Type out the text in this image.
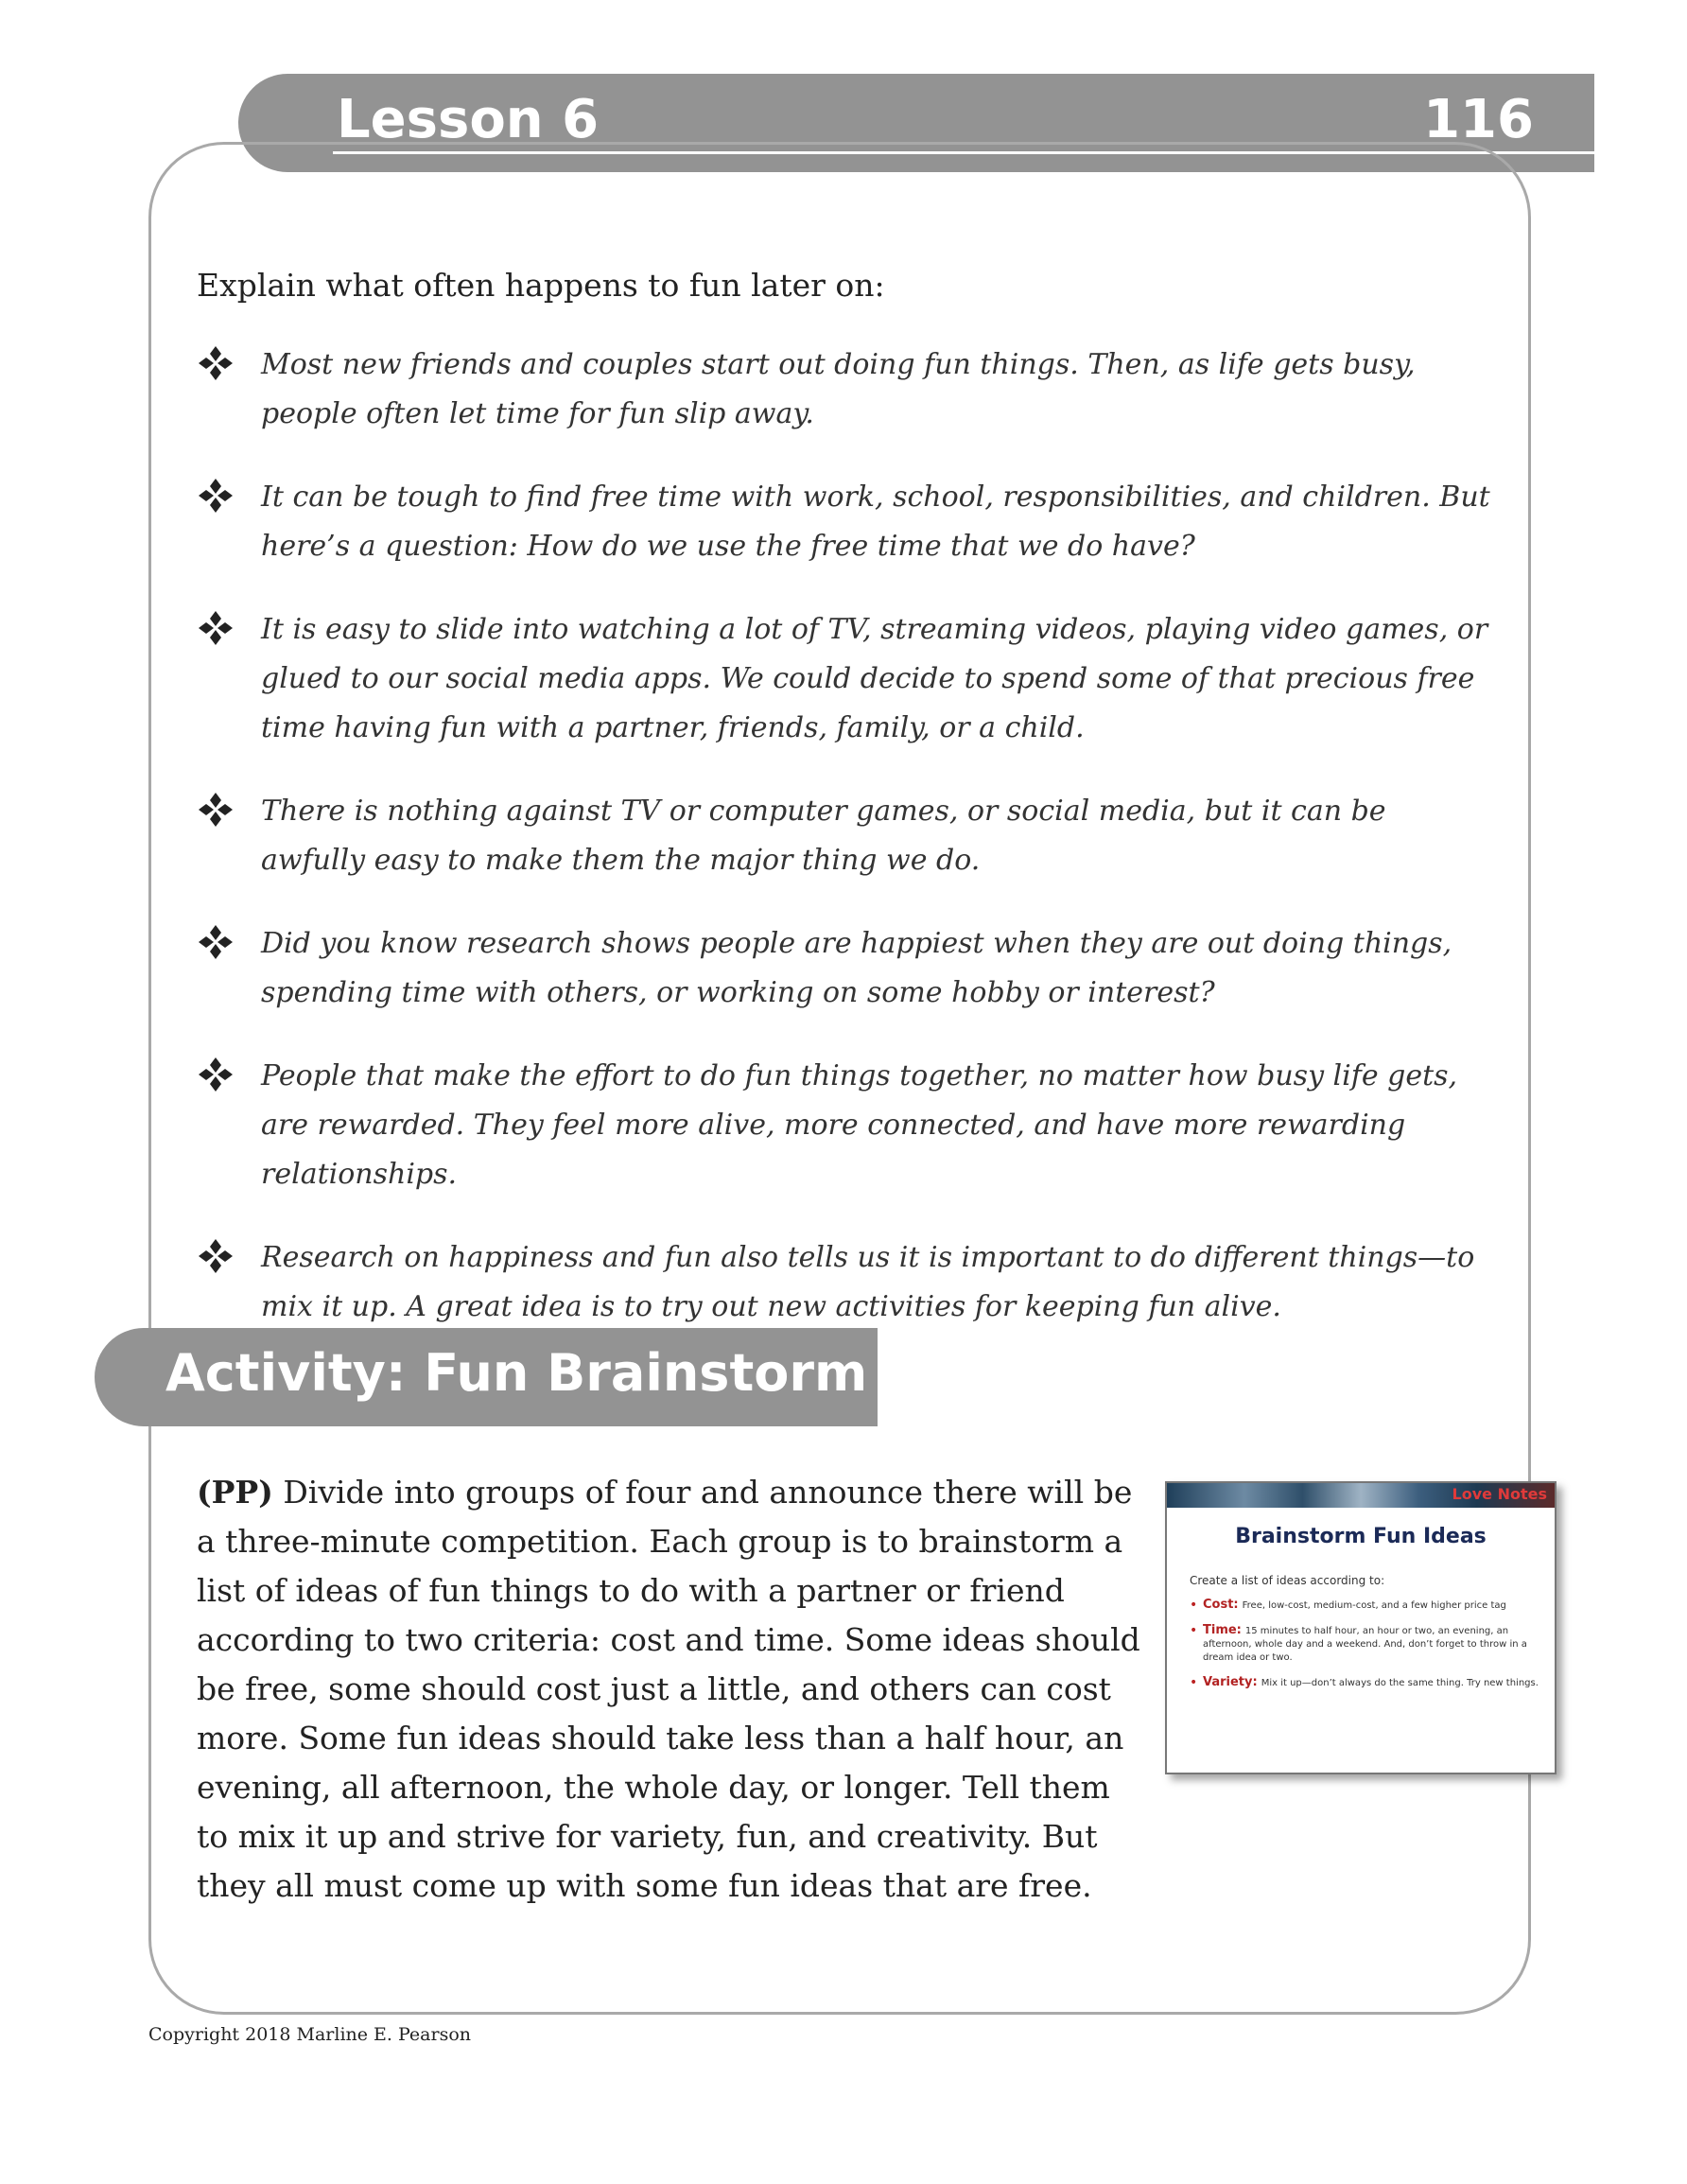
Lesson 6	116
Explain what often happens to fun later on:
Most new friends and couples start out doing fun things. Then, as life gets busy, people often let time for fun slip away.
It can be tough to find free time with work, school, responsibilities, and children. But here’s a question: How do we use the free time that we do have?
It is easy to slide into watching a lot of TV, streaming videos, playing video games, or glued to our social media apps. We could decide to spend some of that precious free time having fun with a partner, friends, family, or a child.
There is nothing against TV or computer games, or social media, but it can be awfully easy to make them the major thing we do.
Did you know research shows people are happiest when they are out doing things, spending time with others, or working on some hobby or interest?
People that make the effort to do fun things together, no matter how busy life gets, are rewarded. They feel more alive, more connected, and have more rewarding relationships.
Research on happiness and fun also tells us it is important to do different things—to mix it up. A great idea is to try out new activities for keeping fun alive.
Activity: Fun Brainstorm
(PP) Divide into groups of four and announce there will be a three-minute competition. Each group is to brainstorm a list of ideas of fun things to do with a partner or friend according to two criteria: cost and time. Some ideas should be free, some should cost just a little, and others can cost more. Some fun ideas should take less than a half hour, an evening, all afternoon, the whole day, or longer. Tell them to mix it up and strive for variety, fun, and creativity. But they all must come up with some fun ideas that are free.
Love Notes
Brainstorm Fun Ideas
Create a list of ideas according to:
• Cost: Free, low-cost, medium-cost, and a few higher price tag
• Time: 15 minutes to half hour, an hour or two, an evening, an afternoon, whole day and a weekend. And, don’t forget to throw in a dream idea or two.
• Variety: Mix it up—don’t always do the same thing. Try new things.
Copyright 2018 Marline E. Pearson
